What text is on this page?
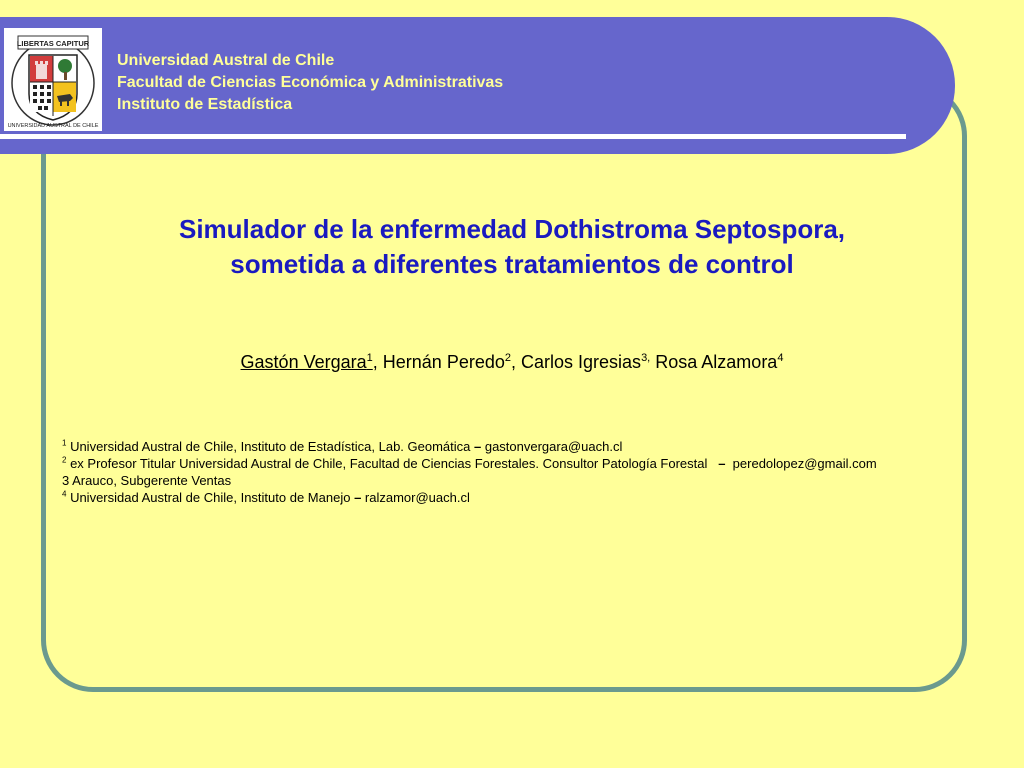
LIBERTAS CAPITUR
UNIVERSIDAD AUSTRAL DE CHILE
Universidad Austral de Chile
Facultad de Ciencias Económica y Administrativas
Instituto de Estadística
Simulador de la enfermedad Dothistroma Septospora,
sometida a diferentes tratamientos de control
Gastón Vergara$^1$, Hernán Peredo$^2$, Carlos Igresias$^{3,}$ Rosa Alzamora$^4$
$^1$ Universidad Austral de Chile, Instituto de Estadística, Lab. Geomática – gastonvergara@uach.cl
$^2$ ex Profesor Titular Universidad Austral de Chile, Facultad de Ciencias Forestales. Consultor Patología Forestal   –  peredolopez@gmail.com
3 Arauco, Subgerente Ventas
$^4$ Universidad Austral de Chile, Instituto de Manejo – ralzamor@uach.cl
